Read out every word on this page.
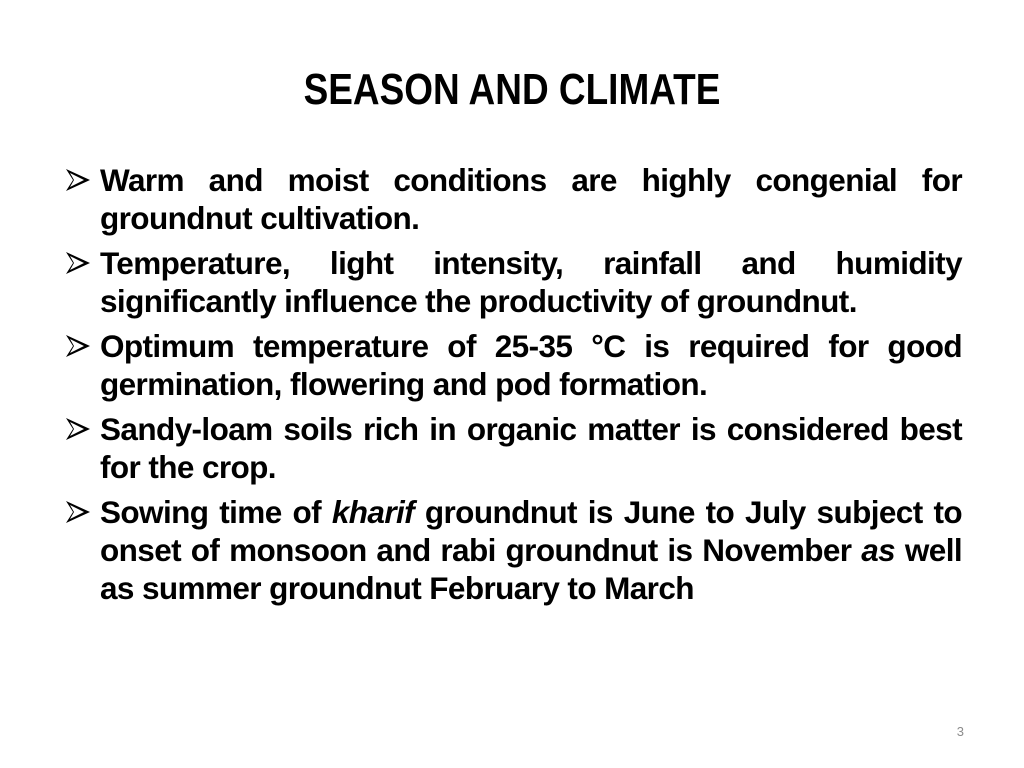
SEASON AND CLIMATE
Warm and moist conditions are highly congenial for groundnut cultivation.
Temperature, light intensity, rainfall and humidity significantly influence the productivity of groundnut.
Optimum temperature of 25-35 °C is required for good germination, flowering and pod formation.
Sandy-loam soils rich in organic matter is considered best for the crop.
Sowing time of kharif groundnut is June to July subject to onset of monsoon and rabi groundnut is November as well as summer groundnut February to March
3
